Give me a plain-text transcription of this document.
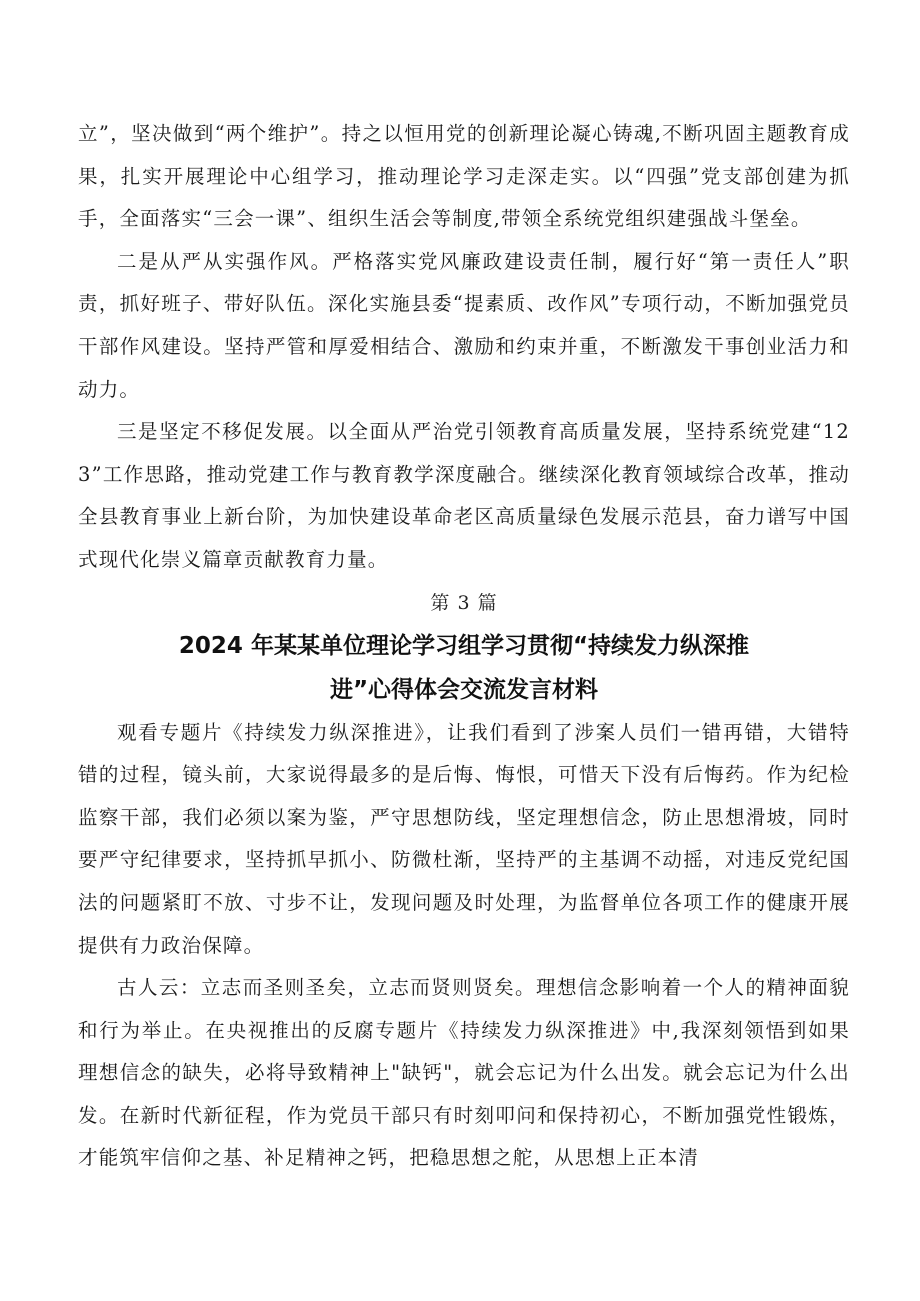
立”，坚决做到“两个维护”。持之以恒用党的创新理论凝心铸魂,不断巩固主题教育成果，扎实开展理论中心组学习，推动理论学习走深走实。以“四强”党支部创建为抓手，全面落实“三会一课”、组织生活会等制度,带领全系统党组织建强战斗堡垒。

二是从严从实强作风。严格落实党风廉政建设责任制，履行好“第一责任人”职责，抓好班子、带好队伍。深化实施县委“提素质、改作风”专项行动，不断加强党员干部作风建设。坚持严管和厚爱相结合、激励和约束并重，不断激发干事创业活力和动力。

三是坚定不移促发展。以全面从严治党引领教育高质量发展，坚持系统党建“123”工作思路，推动党建工作与教育教学深度融合。继续深化教育领域综合改革，推动全县教育事业上新台阶，为加快建设革命老区高质量绿色发展示范县，奋力谱写中国式现代化崇义篇章贡献教育力量。

第 3 篇

2024 年某某单位理论学习组学习贯彻“持续发力纵深推
进”心得体会交流发言材料

观看专题片《持续发力纵深推进》，让我们看到了涉案人员们一错再错，大错特错的过程，镜头前，大家说得最多的是后悔、悔恨，可惜天下没有后悔药。作为纪检监察干部，我们必须以案为鉴，严守思想防线，坚定理想信念，防止思想滑坡，同时要严守纪律要求，坚持抓早抓小、防微杜渐，坚持严的主基调不动摇，对违反党纪国法的问题紧盯不放、寸步不让，发现问题及时处理，为监督单位各项工作的健康开展提供有力政治保障。

古人云：立志而圣则圣矣，立志而贤则贤矣。理想信念影响着一个人的精神面貌和行为举止。在央视推出的反腐专题片《持续发力纵深推进》中,我深刻领悟到如果理想信念的缺失，必将导致精神上"缺钙"，就会忘记为什么出发。就会忘记为什么出发。在新时代新征程，作为党员干部只有时刻叩问和保持初心，不断加强党性锻炼，才能筑牢信仰之基、补足精神之钙，把稳思想之舵，从思想上正本清
